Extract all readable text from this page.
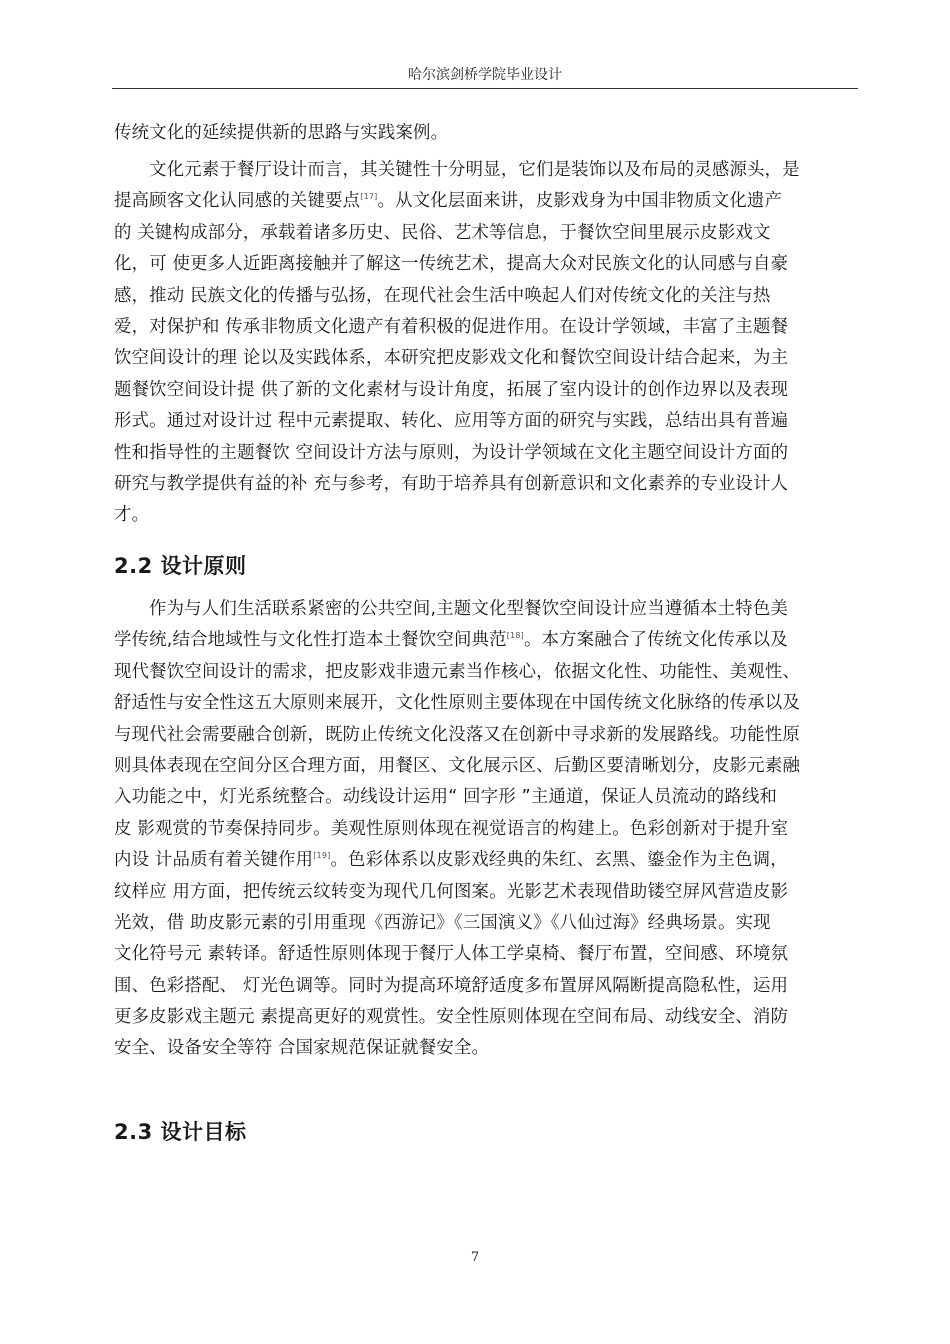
哈尔滨剑桥学院毕业设计
传统文化的延续提供新的思路与实践案例。
文化元素于餐厅设计而言，其关键性十分明显，它们是装饰以及布局的灵感源头，是
提高顾客文化认同感的关键要点[17]。从文化层面来讲，皮影戏身为中国非物质文化遗产
的 关键构成部分，承载着诸多历史、民俗、艺术等信息，于餐饮空间里展示皮影戏文
化，可 使更多人近距离接触并了解这一传统艺术，提高大众对民族文化的认同感与自豪
感，推动 民族文化的传播与弘扬，在现代社会生活中唤起人们对传统文化的关注与热
爱，对保护和 传承非物质文化遗产有着积极的促进作用。在设计学领域，丰富了主题餐
饮空间设计的理 论以及实践体系，本研究把皮影戏文化和餐饮空间设计结合起来，为主
题餐饮空间设计提 供了新的文化素材与设计角度，拓展了室内设计的创作边界以及表现
形式。通过对设计过 程中元素提取、转化、应用等方面的研究与实践，总结出具有普遍
性和指导性的主题餐饮 空间设计方法与原则，为设计学领域在文化主题空间设计方面的
研究与教学提供有益的补 充与参考，有助于培养具有创新意识和文化素养的专业设计人
才。
2.2 设计原则
作为与人们生活联系紧密的公共空间,主题文化型餐饮空间设计应当遵循本土特色美
学传统,结合地域性与文化性打造本土餐饮空间典范[18]。本方案融合了传统文化传承以及
现代餐饮空间设计的需求，把皮影戏非遗元素当作核心，依据文化性、功能性、美观性、
舒适性与安全性这五大原则来展开，文化性原则主要体现在中国传统文化脉络的传承以及
与现代社会需要融合创新，既防止传统文化没落又在创新中寻求新的发展路线。功能性原
则具体表现在空间分区合理方面，用餐区、文化展示区、后勤区要清晰划分，皮影元素融
入功能之中，灯光系统整合。动线设计运用“ 回字形 ”主通道，保证人员流动的路线和
皮 影观赏的节奏保持同步。美观性原则体现在视觉语言的构建上。色彩创新对于提升室
内设 计品质有着关键作用[19]。色彩体系以皮影戏经典的朱红、玄黑、鎏金作为主色调，
纹样应 用方面，把传统云纹转变为现代几何图案。光影艺术表现借助镂空屏风营造皮影
光效，借 助皮影元素的引用重现《西游记》《三国演义》《八仙过海》经典场景。实现
文化符号元 素转译。舒适性原则体现于餐厅人体工学桌椅、餐厅布置，空间感、环境氛
围、色彩搭配、 灯光色调等。同时为提高环境舒适度多布置屏风隔断提高隐私性，运用
更多皮影戏主题元 素提高更好的观赏性。安全性原则体现在空间布局、动线安全、消防
安全、设备安全等符 合国家规范保证就餐安全。
2.3 设计目标
7
